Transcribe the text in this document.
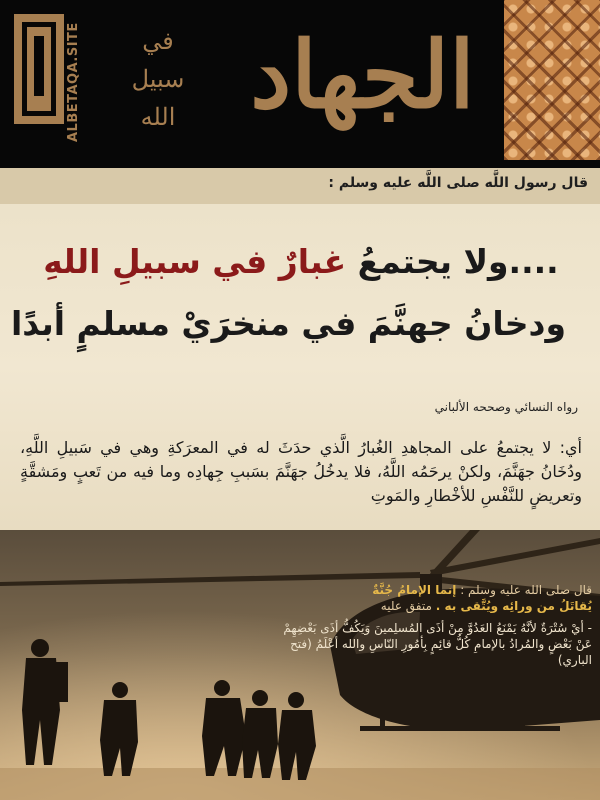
ALBETAQA.SITE	في
سبيل
الله الجهاد
قال رسول اللَّه صلى اللَّه عليه وسلم :
....ولا يجتمعُ غبارٌ في سبيلِ اللهِ
ودخانُ جهنَّمَ في منخرَيْ مسلمٍ أبدًا
رواه النسائي وصححه الألباني
أي: لا يجتمعُ على المجاهدِ الغُبارُ الَّذي حدَثَ له في المعرَكةِ وهي في سَبيلِ اللَّهِ، ودُخَانُ جهَنَّمَ، ولكنْ يرحَمُه اللَّهُ، فلا يدخُلُ جهَنَّمَ بسَببِ جِهادِه وما فيه من تَعبٍ ومَشقَّةٍ وتعريضٍ للنَّفْسِ للأخْطارِ والمَوتِ
قال صلى الله عليه وسلم : إنما الإمامُ جُنَّةٌ
يُقاتَلُ من ورائِه ويُتَّقى به . متفق عليه
- أيْ سُتْرَةٌ لأنَّهُ يَمْنَعُ العَدُوَّ مِنْ أذَى المُسلِمينَ وَيَكُفُّ أذَى بَعْضِهِمْ عَنْ بَعْضٍ والمُرادُ بالإمامِ كُلُّ قائِمٍ بِأمُورِ النّاسِ والله أعْلَمُ (فتح الباري)
